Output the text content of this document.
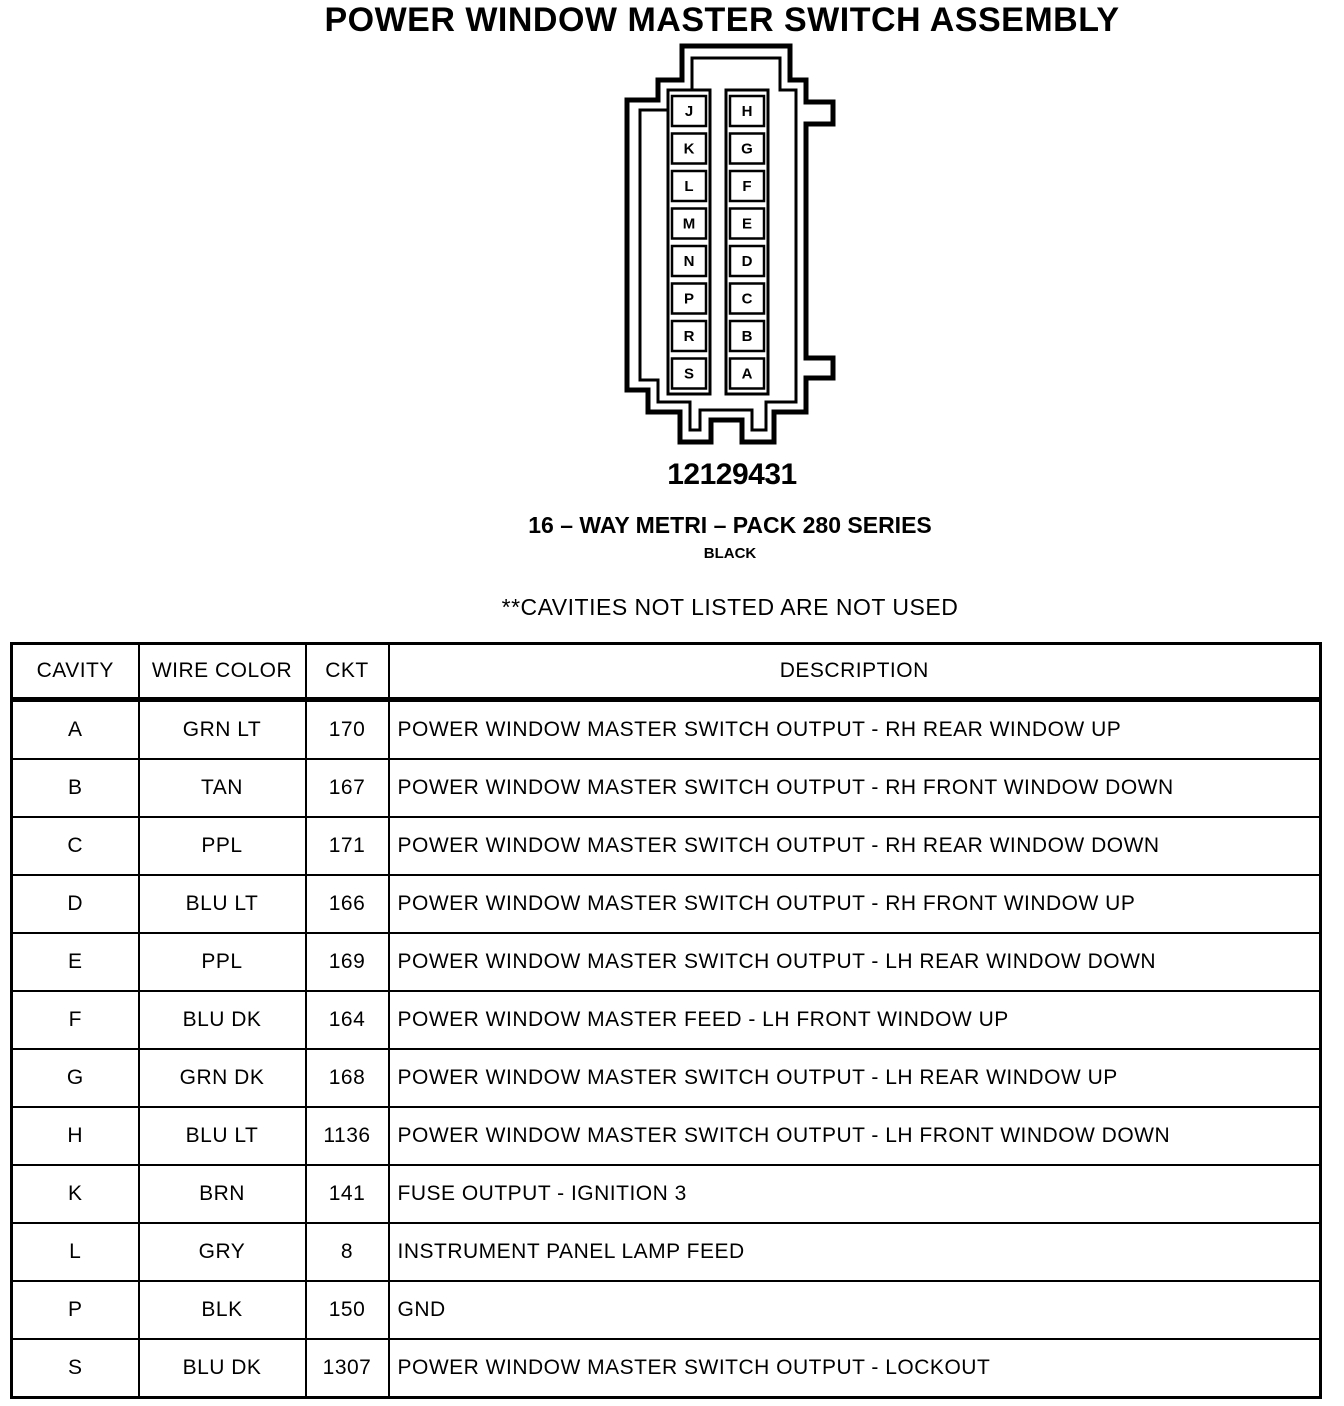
POWER WINDOW MASTER SWITCH ASSEMBLY
J
K
L
M
N
P
R
S
H
G
F
E
D
C
B
A
12129431
16 – WAY METRI – PACK 280 SERIES
BLACK
**CAVITIES NOT LISTED ARE NOT USED
CAVITY	WIRE COLOR	CKT	DESCRIPTION
A	GRN LT	170	POWER WINDOW MASTER SWITCH OUTPUT - RH REAR WINDOW UP
B	TAN	167	POWER WINDOW MASTER SWITCH OUTPUT - RH FRONT WINDOW DOWN
C	PPL	171	POWER WINDOW MASTER SWITCH OUTPUT - RH REAR WINDOW DOWN
D	BLU LT	166	POWER WINDOW MASTER SWITCH OUTPUT - RH FRONT WINDOW UP
E	PPL	169	POWER WINDOW MASTER SWITCH OUTPUT - LH REAR WINDOW DOWN
F	BLU DK	164	POWER WINDOW MASTER FEED - LH FRONT WINDOW UP
G	GRN DK	168	POWER WINDOW MASTER SWITCH OUTPUT - LH REAR WINDOW UP
H	BLU LT	1136	POWER WINDOW MASTER SWITCH OUTPUT - LH FRONT WINDOW DOWN
K	BRN	141	FUSE OUTPUT - IGNITION 3
L	GRY	8	INSTRUMENT PANEL LAMP FEED
P	BLK	150	GND
S	BLU DK	1307	POWER WINDOW MASTER SWITCH OUTPUT - LOCKOUT
